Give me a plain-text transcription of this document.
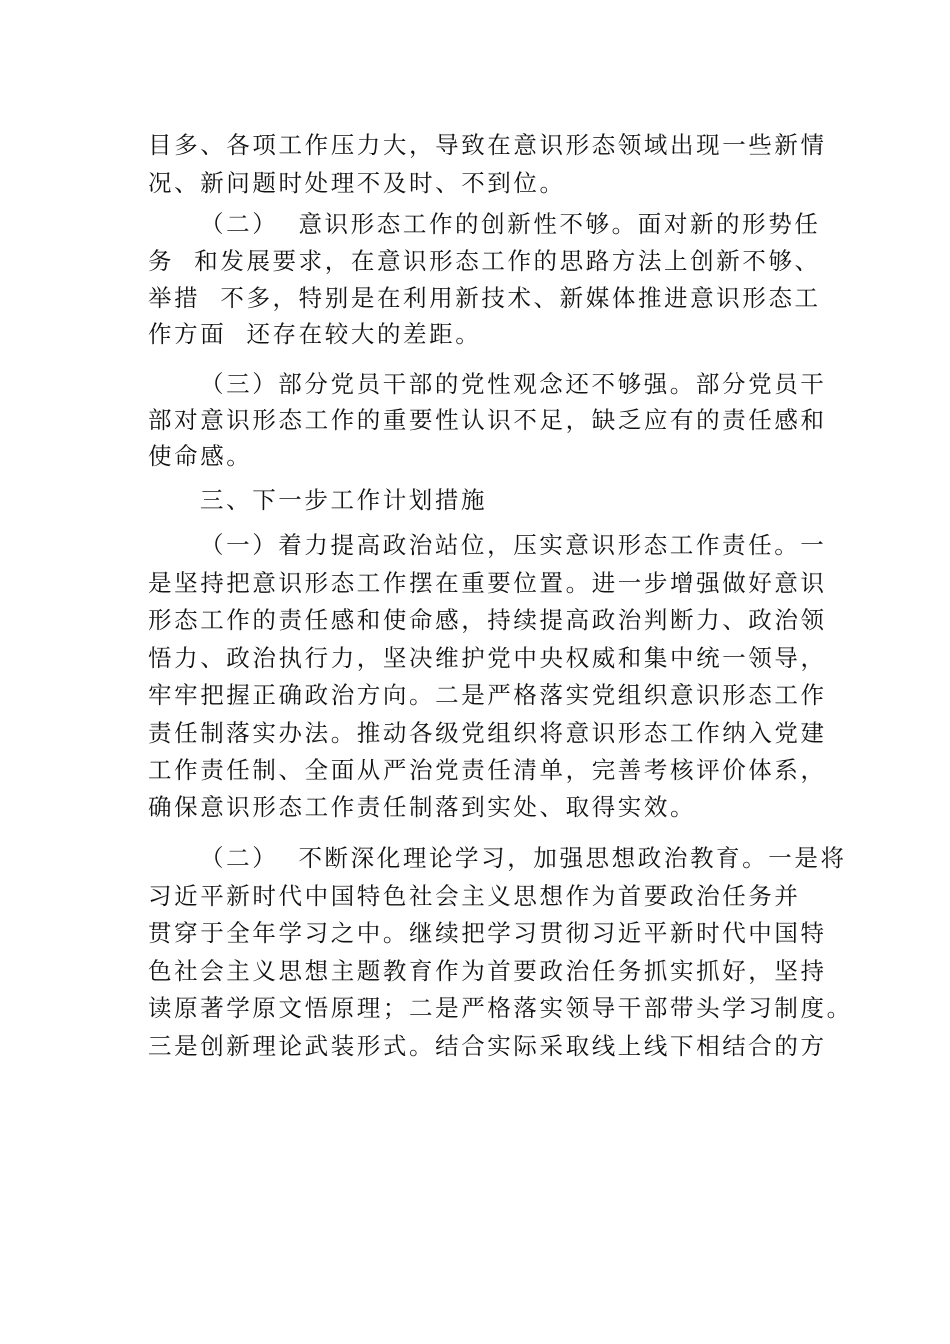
目多、各项工作压力大，导致在意识形态领域出现一些新情
况、新问题时处理不及时、不到位。
（二）  意识形态工作的创新性不够。面对新的形势任
务  和发展要求，在意识形态工作的思路方法上创新不够、
举措  不多，特别是在利用新技术、新媒体推进意识形态工
作方面  还存在较大的差距。
（三）部分党员干部的党性观念还不够强。部分党员干
部对意识形态工作的重要性认识不足，缺乏应有的责任感和
使命感。
三、下一步工作计划措施
（一）着力提高政治站位，压实意识形态工作责任。一
是坚持把意识形态工作摆在重要位置。进一步增强做好意识
形态工作的责任感和使命感，持续提高政治判断力、政治领
悟力、政治执行力，坚决维护党中央权威和集中统一领导，
牢牢把握正确政治方向。二是严格落实党组织意识形态工作
责任制落实办法。推动各级党组织将意识形态工作纳入党建
工作责任制、全面从严治党责任清单，完善考核评价体系，
确保意识形态工作责任制落到实处、取得实效。
（二）  不断深化理论学习，加强思想政治教育。一是将
习近平新时代中国特色社会主义思想作为首要政治任务并
贯穿于全年学习之中。继续把学习贯彻习近平新时代中国特
色社会主义思想主题教育作为首要政治任务抓实抓好，坚持
读原著学原文悟原理；二是严格落实领导干部带头学习制度。
三是创新理论武装形式。结合实际采取线上线下相结合的方
